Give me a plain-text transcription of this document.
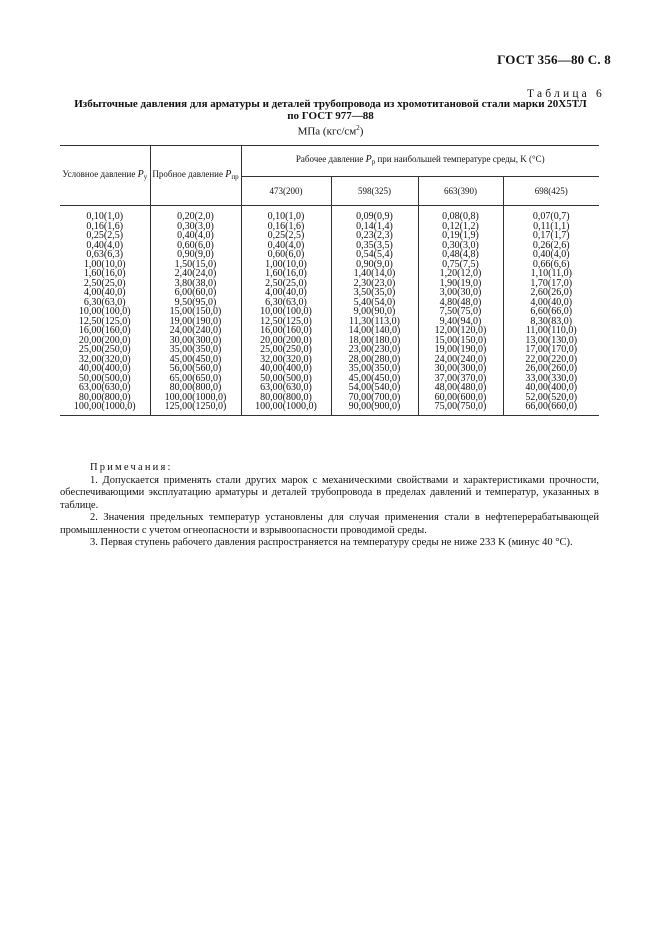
ГОСТ 356—80 С. 8
Таблица 6
Избыточные давления для арматуры и деталей трубопровода из хромотитановой стали марки 20Х5ТЛ
по ГОСТ 977—88
МПа $(кгс/см^2)$
Условное давление $P_у$	Пробное давление $P_{пр}$	Рабочее давление $P_р$ при наибольшей температуре среды, K (°C)			
		473(200)	598(325)	663(390)	698(425)

0,10(1,0)	0,20(2,0)	0,10(1,0)	0,09(0,9)	0,08(0,8)	0,07(0,7)
0,16(1,6)	0,30(3,0)	0,16(1,6)	0,14(1,4)	0,12(1,2)	0,11(1,1)
0,25(2,5)	0,40(4,0)	0,25(2,5)	0,23(2,3)	0,19(1,9)	0,17(1,7)
0,40(4,0)	0,60(6,0)	0,40(4,0)	0,35(3,5)	0,30(3,0)	0,26(2,6)
0,63(6,3)	0,90(9,0)	0,60(6,0)	0,54(5,4)	0,48(4,8)	0,40(4,0)
1,00(10,0)	1,50(15,0)	1,00(10,0)	0,90(9,0)	0,75(7,5)	0,66(6,6)
1,60(16,0)	2,40(24,0)	1,60(16,0)	1,40(14,0)	1,20(12,0)	1,10(11,0)
2,50(25,0)	3,80(38,0)	2,50(25,0)	2,30(23,0)	1,90(19,0)	1,70(17,0)
4,00(40,0)	6,00(60,0)	4,00(40,0)	3,50(35,0)	3,00(30,0)	2,60(26,0)
6,30(63,0)	9,50(95,0)	6,30(63,0)	5,40(54,0)	4,80(48,0)	4,00(40,0)
10,00(100,0)	15,00(150,0)	10,00(100,0)	9,00(90,0)	7,50(75,0)	6,60(66,0)
12,50(125,0)	19,00(190,0)	12,50(125,0)	11,30(113,0)	9,40(94,0)	8,30(83,0)
16,00(160,0)	24,00(240,0)	16,00(160,0)	14,00(140,0)	12,00(120,0)	11,00(110,0)
20,00(200,0)	30,00(300,0)	20,00(200,0)	18,00(180,0)	15,00(150,0)	13,00(130,0)
25,00(250,0)	35,00(350,0)	25,00(250,0)	23,00(230,0)	19,00(190,0)	17,00(170,0)
32,00(320,0)	45,00(450,0)	32,00(320,0)	28,00(280,0)	24,00(240,0)	22,00(220,0)
40,00(400,0)	56,00(560,0)	40,00(400,0)	35,00(350,0)	30,00(300,0)	26,00(260,0)
50,00(500,0)	65,00(650,0)	50,00(500,0)	45,00(450,0)	37,00(370,0)	33,00(330,0)
63,00(630,0)	80,00(800,0)	63,00(630,0)	54,00(540,0)	48,00(480,0)	40,00(400,0)
80,00(800,0)	100,00(1000,0)	80,00(800,0)	70,00(700,0)	60,00(600,0)	52,00(520,0)
100,00(1000,0)	125,00(1250,0)	100,00(1000,0)	90,00(900,0)	75,00(750,0)	66,00(660,0)
Примечания:

1. Допускается применять стали других марок с механическими свойствами и характеристиками прочности, обеспечивающими эксплуатацию арматуры и деталей трубопровода в пределах давлений и температур, указанных в таблице.

2. Значения предельных температур установлены для случая применения стали в нефтеперерабатывающей промышленности с учетом огнеопасности и взрывоопасности проводимой среды.

3. Первая ступень рабочего давления распространяется на температуру среды не ниже 233 K (минус 40 °C).
